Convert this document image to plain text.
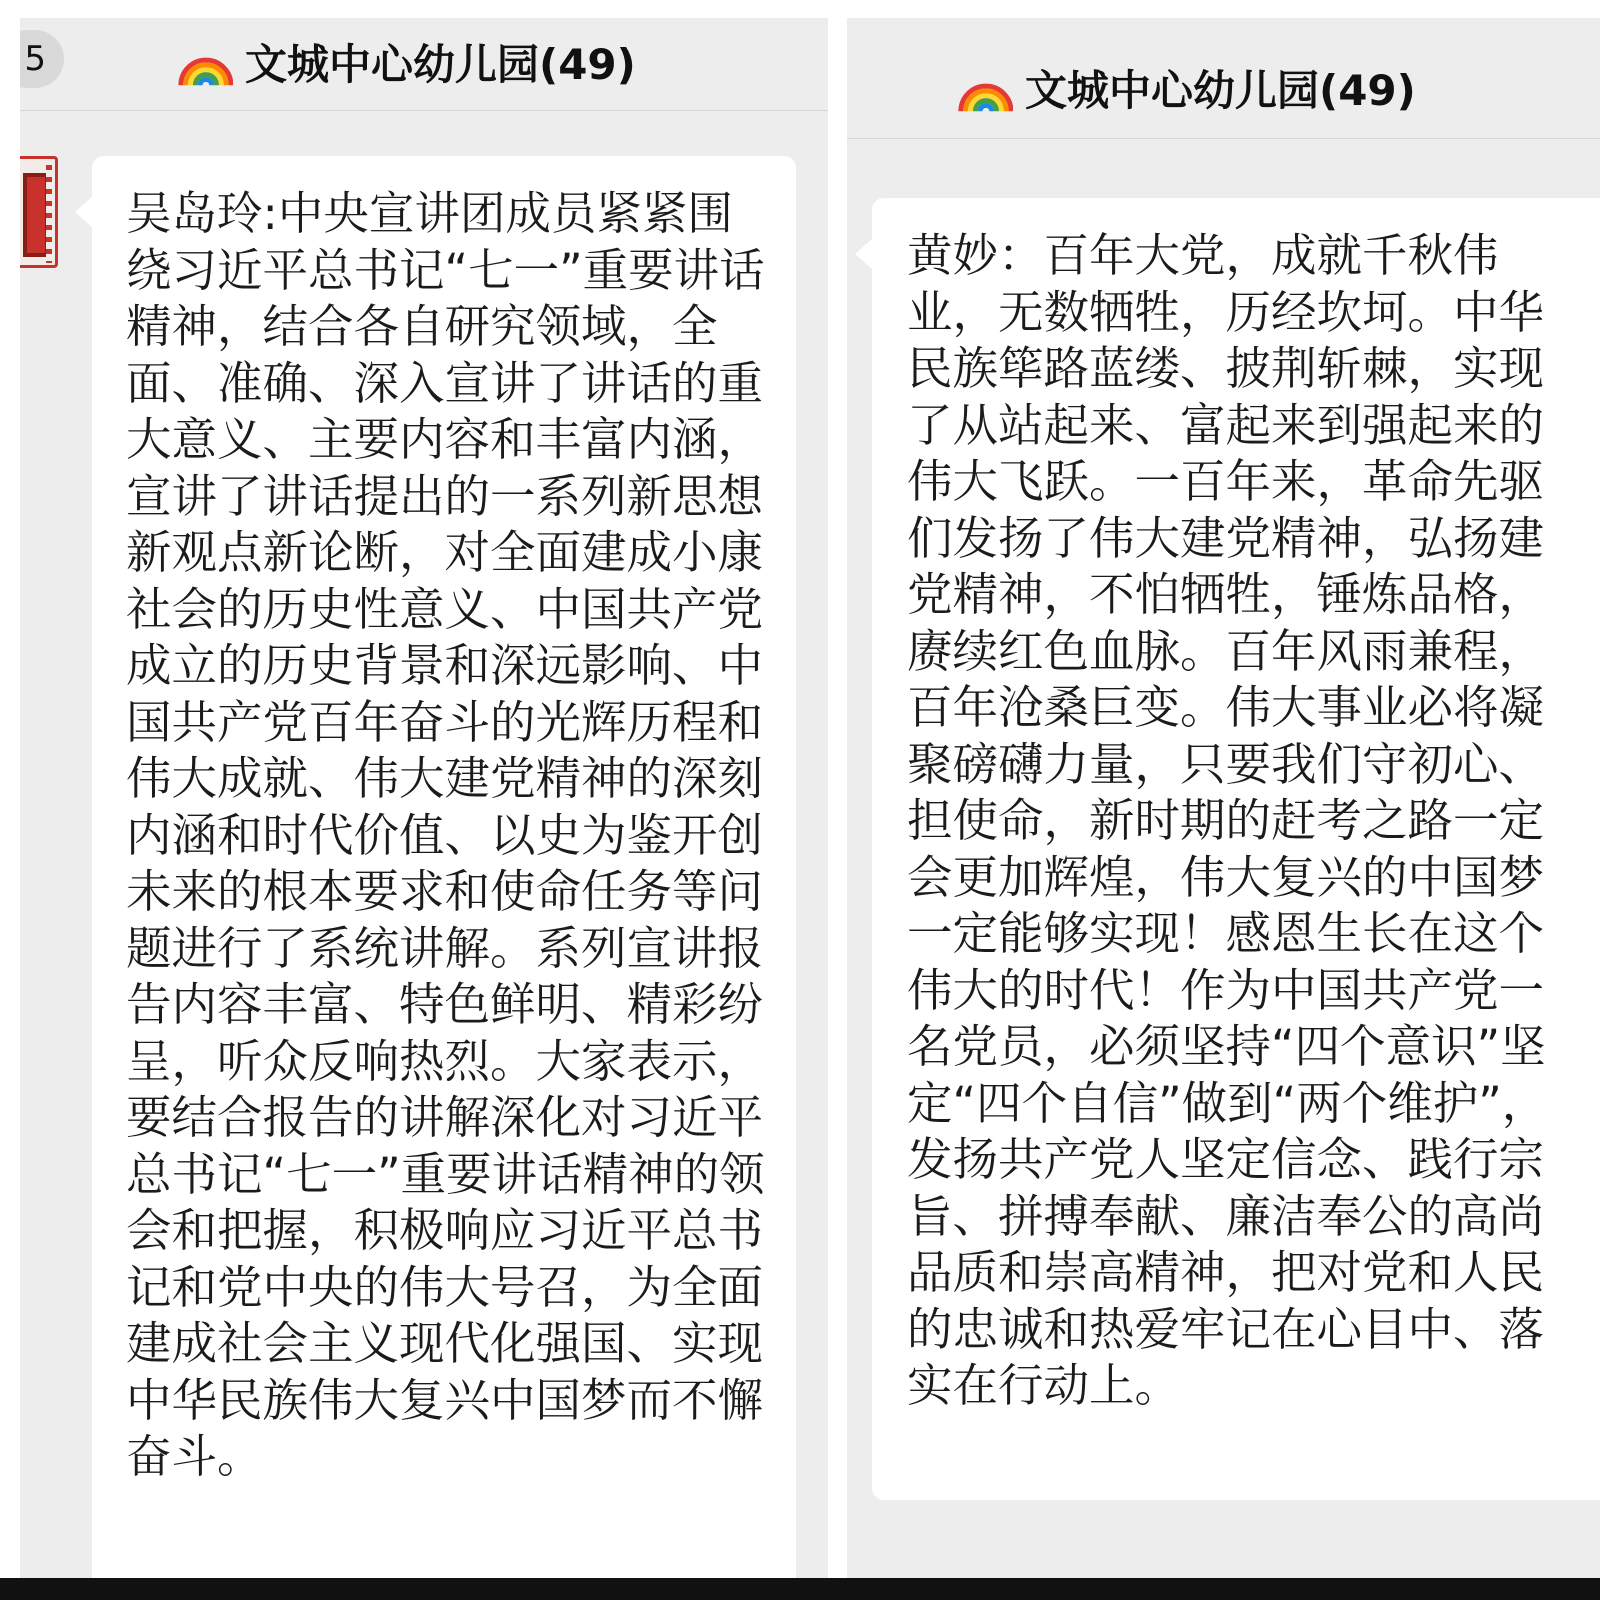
5	文城中心幼儿园(49)

吴岛玲:中央宣讲团成员紧紧围绕习近平总书记“七一”重要讲话精神，结合各自研究领域，全面、准确、深入宣讲了讲话的重大意义、主要内容和丰富内涵，宣讲了讲话提出的一系列新思想新观点新论断，对全面建成小康社会的历史性意义、中国共产党成立的历史背景和深远影响、中国共产党百年奋斗的光辉历程和伟大成就、伟大建党精神的深刻内涵和时代价值、以史为鉴开创未来的根本要求和使命任务等问题进行了系统讲解。系列宣讲报告内容丰富、特色鲜明、精彩纷呈，听众反响热烈。大家表示，要结合报告的讲解深化对习近平总书记“七一”重要讲话精神的领会和把握，积极响应习近平总书记和党中央的伟大号召，为全面建成社会主义现代化强国、实现中华民族伟大复兴中国梦而不懈奋斗。

文城中心幼儿园(49)

黄妙：百年大党，成就千秋伟业，无数牺牲，历经坎坷。中华民族筚路蓝缕、披荆斩棘，实现了从站起来、富起来到强起来的伟大飞跃。一百年来，革命先驱们发扬了伟大建党精神，弘扬建党精神，不怕牺牲，锤炼品格，赓续红色血脉。百年风雨兼程，百年沧桑巨变。伟大事业必将凝聚磅礴力量，只要我们守初心、担使命，新时期的赶考之路一定会更加辉煌，伟大复兴的中国梦一定能够实现！感恩生长在这个伟大的时代！作为中国共产党一名党员，必须坚持“四个意识”坚定“四个自信”做到“两个维护”，发扬共产党人坚定信念、践行宗旨、拼搏奉献、廉洁奉公的高尚品质和崇高精神，把对党和人民的忠诚和热爱牢记在心目中、落实在行动上。
